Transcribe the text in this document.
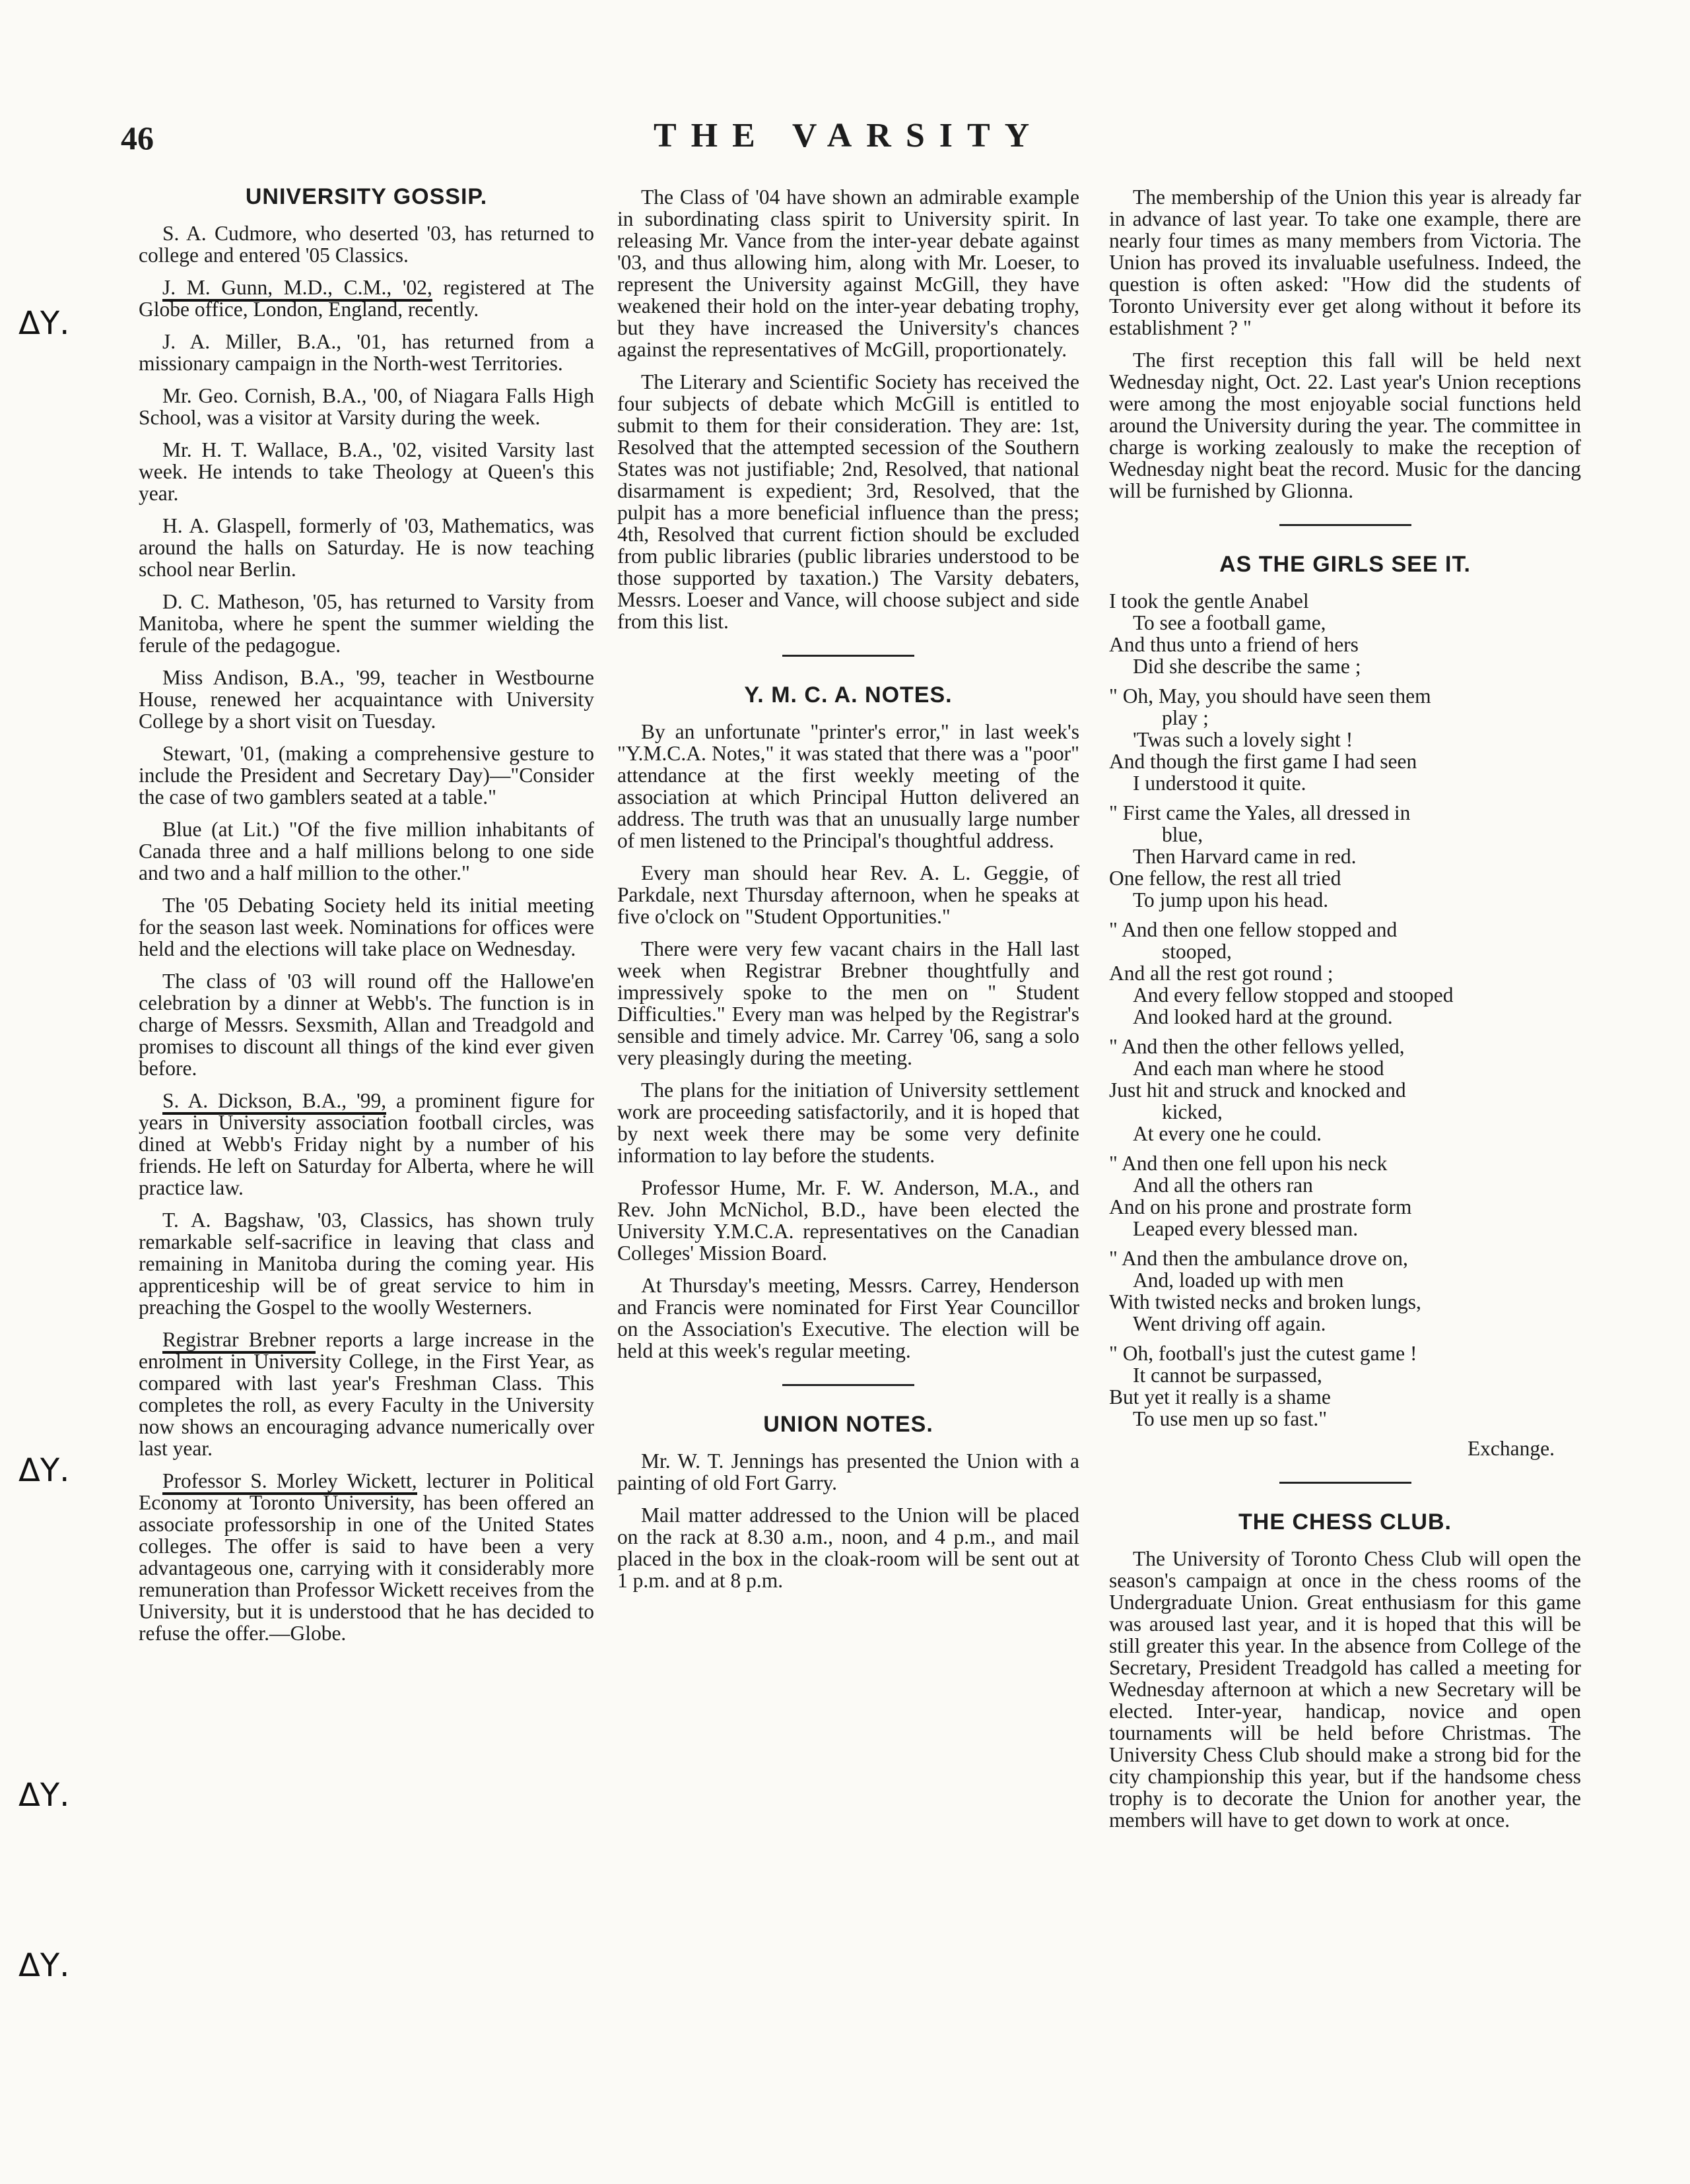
46	THE VARSITY
ΔΥ.
ΔΥ.
ΔΥ.
ΔΥ.
UNIVERSITY GOSSIP.

S. A. Cudmore, who deserted '03, has returned to college and entered '05 Classics.

J. M. Gunn, M.D., C.M., '02, registered at The Globe office, London, England, recently.

J. A. Miller, B.A., '01, has returned from a missionary campaign in the North-west Territories.

Mr. Geo. Cornish, B.A., '00, of Niagara Falls High School, was a visitor at Varsity during the week.

Mr. H. T. Wallace, B.A., '02, visited Varsity last week. He intends to take Theology at Queen's this year.

H. A. Glaspell, formerly of '03, Mathematics, was around the halls on Saturday. He is now teaching school near Berlin.

D. C. Matheson, '05, has returned to Varsity from Manitoba, where he spent the summer wielding the ferule of the pedagogue.

Miss Andison, B.A., '99, teacher in Westbourne House, renewed her acquaintance with University College by a short visit on Tuesday.

Stewart, '01, (making a comprehensive gesture to include the President and Secretary Day)—"Consider the case of two gamblers seated at a table."

Blue (at Lit.) "Of the five million inhabitants of Canada three and a half millions belong to one side and two and a half million to the other."

The '05 Debating Society held its initial meeting for the season last week. Nominations for offices were held and the elections will take place on Wednesday.

The class of '03 will round off the Hallowe'en celebration by a dinner at Webb's. The function is in charge of Messrs. Sexsmith, Allan and Treadgold and promises to discount all things of the kind ever given before.

S. A. Dickson, B.A., '99, a prominent figure for years in University association football circles, was dined at Webb's Friday night by a number of his friends. He left on Saturday for Alberta, where he will practice law.

T. A. Bagshaw, '03, Classics, has shown truly remarkable self-sacrifice in leaving that class and remaining in Manitoba during the coming year. His apprenticeship will be of great service to him in preaching the Gospel to the woolly Westerners.

Registrar Brebner reports a large increase in the enrolment in University College, in the First Year, as compared with last year's Freshman Class. This completes the roll, as every Faculty in the University now shows an encouraging advance numerically over last year.

Professor S. Morley Wickett, lecturer in Political Economy at Toronto University, has been offered an associate professorship in one of the United States colleges. The offer is said to have been a very advantageous one, carrying with it considerably more remuneration than Professor Wickett receives from the University, but it is understood that he has decided to refuse the offer.—Globe.

The Class of '04 have shown an admirable example in subordinating class spirit to University spirit. In releasing Mr. Vance from the inter-year debate against '03, and thus allowing him, along with Mr. Loeser, to represent the University against McGill, they have weakened their hold on the inter-year debating trophy, but they have increased the University's chances against the representatives of McGill, proportionately.

The Literary and Scientific Society has received the four subjects of debate which McGill is entitled to submit to them for their consideration. They are: 1st, Resolved that the attempted secession of the Southern States was not justifiable; 2nd, Resolved, that national disarmament is expedient; 3rd, Resolved, that the pulpit has a more beneficial influence than the press; 4th, Resolved that current fiction should be excluded from public libraries (public libraries understood to be those supported by taxation.) The Varsity debaters, Messrs. Loeser and Vance, will choose subject and side from this list.

Y. M. C. A. NOTES.

By an unfortunate "printer's error," in last week's "Y.M.C.A. Notes," it was stated that there was a "poor" attendance at the first weekly meeting of the association at which Principal Hutton delivered an address. The truth was that an unusually large number of men listened to the Principal's thoughtful address.

Every man should hear Rev. A. L. Geggie, of Parkdale, next Thursday afternoon, when he speaks at five o'clock on "Student Opportunities."

There were very few vacant chairs in the Hall last week when Registrar Brebner thoughtfully and impressively spoke to the men on " Student Difficulties." Every man was helped by the Registrar's sensible and timely advice. Mr. Carrey '06, sang a solo very pleasingly during the meeting.

The plans for the initiation of University settlement work are proceeding satisfactorily, and it is hoped that by next week there may be some very definite information to lay before the students.

Professor Hume, Mr. F. W. Anderson, M.A., and Rev. John McNichol, B.D., have been elected the University Y.M.C.A. representatives on the Canadian Colleges' Mission Board.

At Thursday's meeting, Messrs. Carrey, Henderson and Francis were nominated for First Year Councillor on the Association's Executive. The election will be held at this week's regular meeting.

UNION NOTES.

Mr. W. T. Jennings has presented the Union with a painting of old Fort Garry.

Mail matter addressed to the Union will be placed on the rack at 8.30 a.m., noon, and 4 p.m., and mail placed in the box in the cloak-room will be sent out at 1 p.m. and at 8 p.m.

The membership of the Union this year is already far in advance of last year. To take one example, there are nearly four times as many members from Victoria. The Union has proved its invaluable usefulness. Indeed, the question is often asked: "How did the students of Toronto University ever get along without it before its establishment ? "

The first reception this fall will be held next Wednesday night, Oct. 22. Last year's Union receptions were among the most enjoyable social functions held around the University during the year. The committee in charge is working zealously to make the reception of Wednesday night beat the record. Music for the dancing will be furnished by Glionna.

AS THE GIRLS SEE IT.
I took the gentle Anabel
To see a football game,
And thus unto a friend of hers
Did she describe the same ;
" Oh, May, you should have seen them
play ;
'Twas such a lovely sight !
And though the first game I had seen
I understood it quite.
" First came the Yales, all dressed in
blue,
Then Harvard came in red.
One fellow, the rest all tried
To jump upon his head.
" And then one fellow stopped and
stooped,
And all the rest got round ;
And every fellow stopped and stooped
And looked hard at the ground.
" And then the other fellows yelled,
And each man where he stood
Just hit and struck and knocked and
kicked,
At every one he could.
" And then one fell upon his neck
And all the others ran
And on his prone and prostrate form
Leaped every blessed man.
" And then the ambulance drove on,
And, loaded up with men
With twisted necks and broken lungs,
Went driving off again.
" Oh, football's just the cutest game !
It cannot be surpassed,
But yet it really is a shame
To use men up so fast."
Exchange.
THE CHESS CLUB.

The University of Toronto Chess Club will open the season's campaign at once in the chess rooms of the Undergraduate Union. Great enthusiasm for this game was aroused last year, and it is hoped that this will be still greater this year. In the absence from College of the Secretary, President Treadgold has called a meeting for Wednesday afternoon at which a new Secretary will be elected. Inter-year, handicap, novice and open tournaments will be held before Christmas. The University Chess Club should make a strong bid for the city championship this year, but if the handsome chess trophy is to decorate the Union for another year, the members will have to get down to work at once.
